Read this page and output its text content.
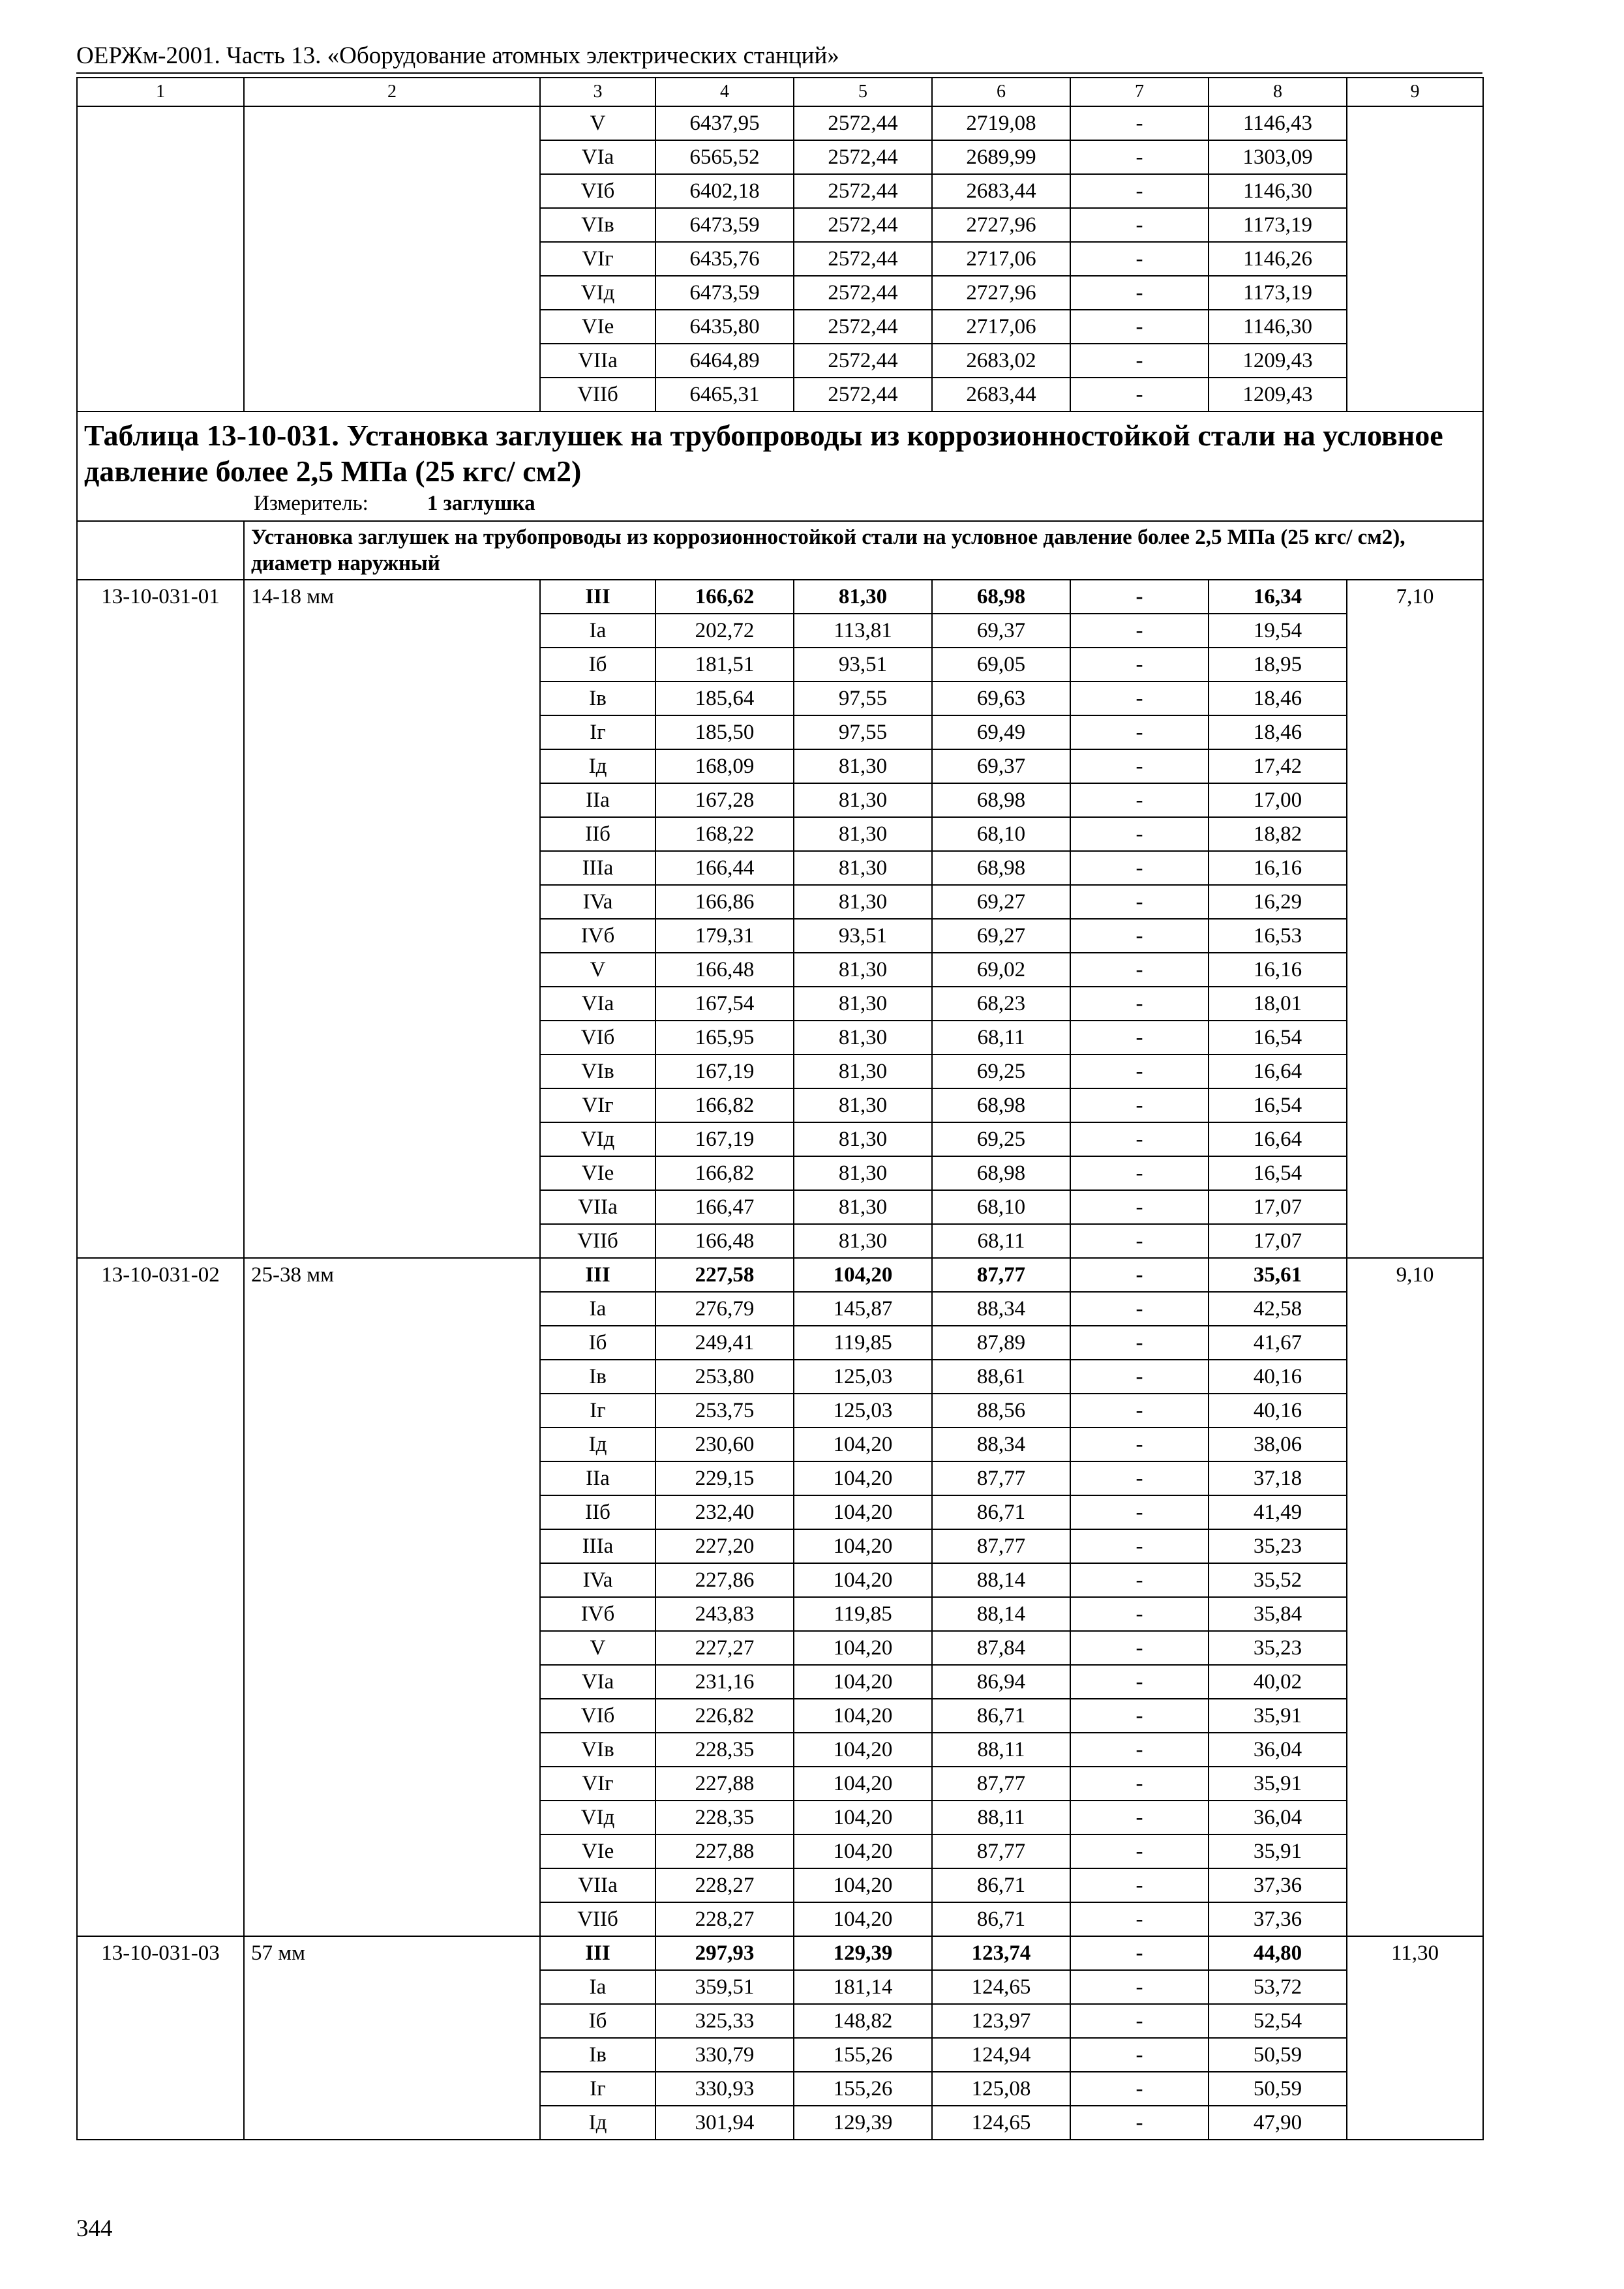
ОЕРЖм-2001. Часть 13. «Оборудование атомных электрических станций»
1	2	3	4	5	6	7	8	9
		V	6437,95	2572,44	2719,08	-	1146,43	
		VIa	6565,52	2572,44	2689,99	-	1303,09	
		VIб	6402,18	2572,44	2683,44	-	1146,30	
		VIв	6473,59	2572,44	2727,96	-	1173,19	
		VIг	6435,76	2572,44	2717,06	-	1146,26	
		VIд	6473,59	2572,44	2727,96	-	1173,19	
		VIe	6435,80	2572,44	2717,06	-	1146,30	
		VIIa	6464,89	2572,44	2683,02	-	1209,43	
		VIIб	6465,31	2572,44	2683,44	-	1209,43	

Таблица 13-10-031. Установка заглушек на трубопроводы из коррозионностойкой стали на условное давление более 2,5 МПа (25 кгс/ см2)
Измеритель: 1 заглушка								

	Установка заглушек на трубопроводы из коррозионностойкой стали на условное давление более 2,5 МПа (25 кгс/ см2), диаметр наружный							
13-10-031-01	14-18 мм	III	166,62	81,30	68,98	-	16,34	7,10
		Ia	202,72	113,81	69,37	-	19,54	
		Iб	181,51	93,51	69,05	-	18,95	
		Iв	185,64	97,55	69,63	-	18,46	
		Iг	185,50	97,55	69,49	-	18,46	
		Iд	168,09	81,30	69,37	-	17,42	
		IIa	167,28	81,30	68,98	-	17,00	
		IIб	168,22	81,30	68,10	-	18,82	
		IIIa	166,44	81,30	68,98	-	16,16	
		IVa	166,86	81,30	69,27	-	16,29	
		IVб	179,31	93,51	69,27	-	16,53	
		V	166,48	81,30	69,02	-	16,16	
		VIa	167,54	81,30	68,23	-	18,01	
		VIб	165,95	81,30	68,11	-	16,54	
		VIв	167,19	81,30	69,25	-	16,64	
		VIг	166,82	81,30	68,98	-	16,54	
		VIд	167,19	81,30	69,25	-	16,64	
		VIe	166,82	81,30	68,98	-	16,54	
		VIIa	166,47	81,30	68,10	-	17,07	
		VIIб	166,48	81,30	68,11	-	17,07	
13-10-031-02	25-38 мм	III	227,58	104,20	87,77	-	35,61	9,10
		Ia	276,79	145,87	88,34	-	42,58	
		Iб	249,41	119,85	87,89	-	41,67	
		Iв	253,80	125,03	88,61	-	40,16	
		Iг	253,75	125,03	88,56	-	40,16	
		Iд	230,60	104,20	88,34	-	38,06	
		IIa	229,15	104,20	87,77	-	37,18	
		IIб	232,40	104,20	86,71	-	41,49	
		IIIa	227,20	104,20	87,77	-	35,23	
		IVa	227,86	104,20	88,14	-	35,52	
		IVб	243,83	119,85	88,14	-	35,84	
		V	227,27	104,20	87,84	-	35,23	
		VIa	231,16	104,20	86,94	-	40,02	
		VIб	226,82	104,20	86,71	-	35,91	
		VIв	228,35	104,20	88,11	-	36,04	
		VIг	227,88	104,20	87,77	-	35,91	
		VIд	228,35	104,20	88,11	-	36,04	
		VIe	227,88	104,20	87,77	-	35,91	
		VIIa	228,27	104,20	86,71	-	37,36	
		VIIб	228,27	104,20	86,71	-	37,36	
13-10-031-03	57 мм	III	297,93	129,39	123,74	-	44,80	11,30
		Ia	359,51	181,14	124,65	-	53,72	
		Iб	325,33	148,82	123,97	-	52,54	
		Iв	330,79	155,26	124,94	-	50,59	
		Iг	330,93	155,26	125,08	-	50,59	
		Iд	301,94	129,39	124,65	-	47,90	
344
